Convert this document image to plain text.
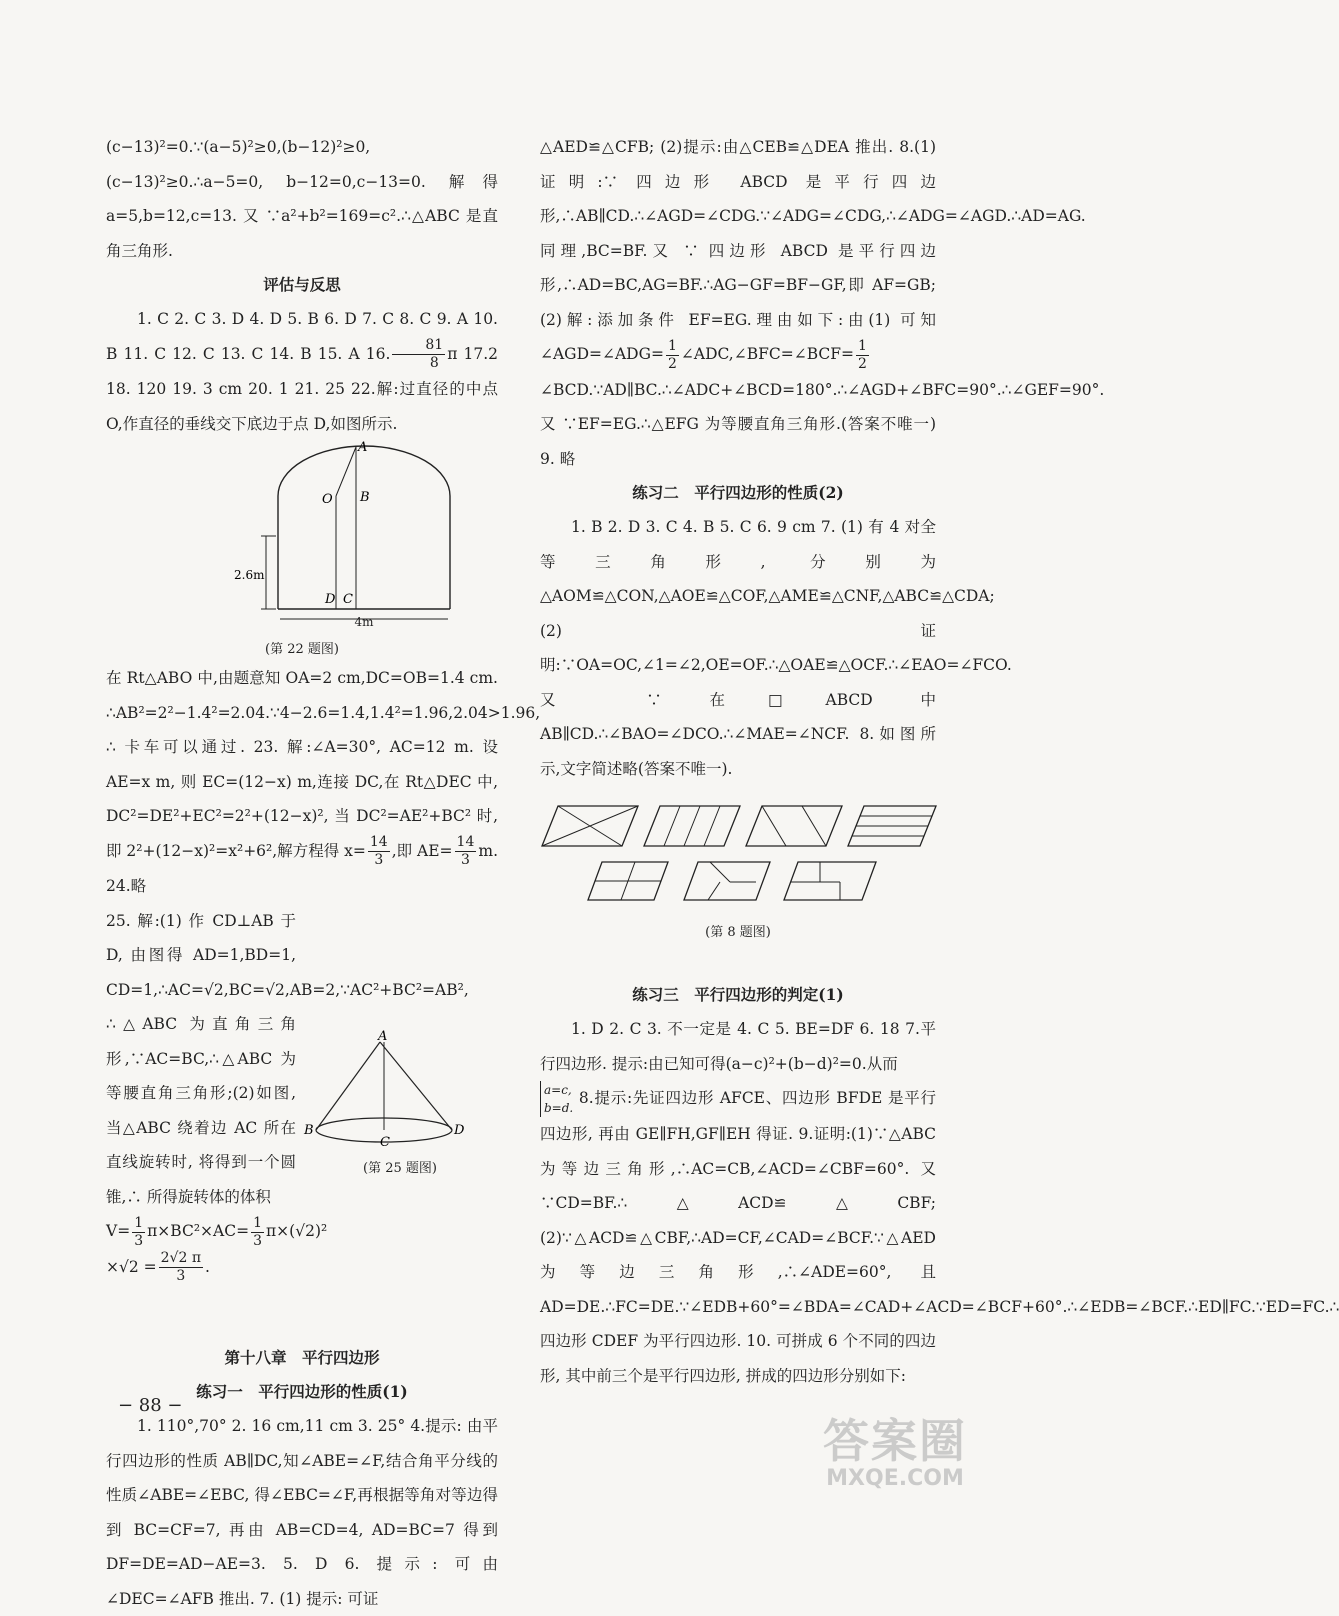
(c−13)²=0.∵(a−5)²≥0,(b−12)²≥0,(c−13)²≥0.∴a−5=0, b−12=0,c−13=0. 解得 a=5,b=12,c=13. 又 ∵a²+b²=169=c².∴△ABC 是直角三角形.

评估与反思

1. C 2. C 3. D 4. D 5. B 6. D 7. C 8. C 9. A 10. B 11. C 12. C 13. C 14. B 15. A 16. $\frac{81}{8}$ π 17.2 18. 120 19. 3 cm 20. 1 21. 25 22.解:过直径的中点 O,作直径的垂线交下底边于点 D,如图所示.

A
O B
D C
2.6m
4m

(第 22 题图)

在 Rt△ABO 中,由题意知 OA=2 cm,DC=OB=1.4 cm. ∴AB²=2²−1.4²=2.04.∵4−2.6=1.4,1.4²=1.96,2.04>1.96, ∴ 卡车可以通过. 23. 解:∠A=30°, AC=12 m. 设 AE=x m, 则 EC=(12−x) m,连接 DC,在 Rt△DEC 中, DC²=DE²+EC²=2²+(12−x)², 当 DC²=AE²+BC² 时,即 2²+(12−x)²=x²+6²,解方程得 $x= \frac{14}{3}$ ,即 $AE= \frac{14}{3} m$. 24.略

25. 解:(1) 作 CD⊥AB 于 D, 由图得 AD=1,BD=1, CD=1,∴AC=√2,BC=√2,AB=2,∵AC²+BC²=AB², ∴△ABC 为直角三角形,∵AC=BC,∴△ABC 为等腰直角三角形;(2)如图, 当△ABC 绕着边 AC 所在直线旋转时, 将得到一个圆锥,∴ 所得旋转体的体积

A
B
C
D

(第 25 题图)

$V= \frac{1}{3} \pi\times BC^2\times AC= \frac{1}{3} \pi\times(√2)^2$

$\times√2 = \frac{2√2 \pi}{3}$ .

第十八章　平行四边形

练习一　平行四边形的性质(1)

1. 110°,70° 2. 16 cm,11 cm 3. 25° 4.提示: 由平行四边形的性质 AB∥DC,知∠ABE=∠F,结合角平分线的性质∠ABE=∠EBC, 得∠EBC=∠F,再根据等角对等边得到 BC=CF=7, 再由 AB=CD=4, AD=BC=7 得到 DF=DE=AD−AE=3. 5. D 6. 提示: 可由∠DEC=∠AFB 推出. 7. (1) 提示: 可证

△AED≌△CFB; (2)提示:由△CEB≌△DEA 推出. 8.(1) 证明:∵ 四边形 ABCD 是平行四边形,∴AB∥CD.∴∠AGD=∠CDG.∵∠ADG=∠CDG,∴∠ADG=∠AGD.∴AD=AG.同理,BC=BF.又 ∵ 四边形 ABCD 是平行四边形,∴AD=BC,AG=BF.∴AG−GF=BF−GF,即 AF=GB;(2)解:添加条件 EF=EG.理由如下:由(1) 可知∠AGD=∠ADG= $\frac{1}{2}$ ∠ADC,∠BFC=∠BCF= $\frac{1}{2}$
∠BCD.∵AD∥BC.∴∠ADC+∠BCD=180°.∴∠AGD+∠BFC=90°.∴∠GEF=90°. 又 ∵EF=EG.∴△EFG 为等腰直角三角形.(答案不唯一)　9. 略

练习二　平行四边形的性质(2)

1. B 2. D 3. C 4. B 5. C 6. 9 cm 7. (1) 有 4 对全等三角形, 分别为△AOM≌△CON,△AOE≌△COF,△AME≌△CNF,△ABC≌△CDA;(2)证明:∵OA=OC,∠1=∠2,OE=OF.∴△OAE≌△OCF.∴∠EAO=∠FCO.又 ∵ 在□ABCD 中 AB∥CD.∴∠BAO=∠DCO.∴∠MAE=∠NCF. 8.如图所示,文字简述略(答案不唯一).

(第 8 题图)

练习三　平行四边形的判定(1)

1. D 2. C 3. 不一定是 4. C 5. BE=DF 6. 18 7.平行四边形. 提示:由已知可得(a−c)²+(b−d)²=0.从而

a=c,
b=d.
8.提示:先证四边形 AFCE、四边形 BFDE 是平行四边形, 再由 GE∥FH,GF∥EH 得证. 9.证明:(1)∵△ABC 为等边三角形,∴AC=CB,∠ACD=∠CBF=60°. 又 ∵CD=BF.∴△ACD≌△CBF; (2)∵△ACD≌△CBF,∴AD=CF,∠CAD=∠BCF.∵△AED 为等边三角形,∴∠ADE=60°, 且 AD=DE.∴FC=DE.∵∠EDB+60°=∠BDA=∠CAD+∠ACD=∠BCF+60°.∴∠EDB=∠BCF.∴ED∥FC.∵ED=FC.∴ 四边形 CDEF 为平行四边形. 10. 可拼成 6 个不同的四边形, 其中前三个是平行四边形, 拼成的四边形分别如下:

− 88 −
答案圈
MXQE.COM
